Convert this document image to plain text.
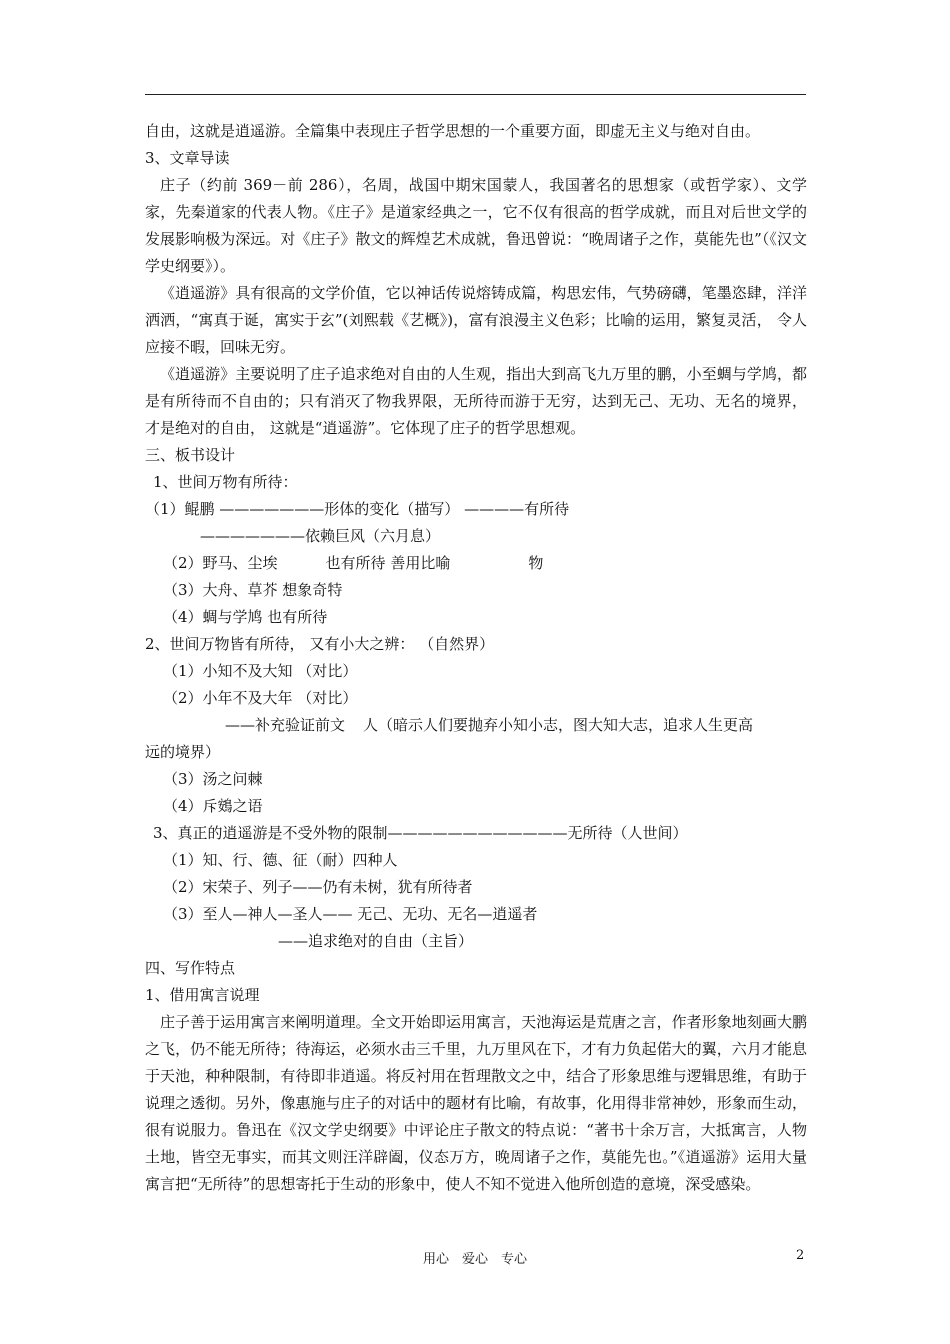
自由，这就是逍遥游。全篇集中表现庄子哲学思想的一个重要方面，即虚无主义与绝对自由。
3、文章导读
庄子（约前 369－前 286），名周，战国中期宋国蒙人，我国著名的思想家（或哲学家）、文学家，先秦道家的代表人物。《庄子》是道家经典之一，它不仅有很高的哲学成就，而且对后世文学的发展影响极为深远。对《庄子》散文的辉煌艺术成就，鲁迅曾说：“晚周诸子之作，莫能先也”（《汉文学史纲要》）。
《逍遥游》具有很高的文学价值，它以神话传说熔铸成篇，构思宏伟，气势磅礴，笔墨恣肆，洋洋洒洒，“寓真于诞，寓实于玄”(刘熙载《艺概》)，富有浪漫主义色彩；比喻的运用，繁复灵活， 令人应接不暇，回味无穷。
《逍遥游》主要说明了庄子追求绝对自由的人生观，指出大到高飞九万里的鹏，小至蜩与学鸠，都是有所待而不自由的；只有消灭了物我界限，无所待而游于无穷，达到无己、无功、无名的境界， 才是绝对的自由， 这就是“逍遥游”。它体现了庄子的哲学思想观。
三、板书设计
1、世间万物有所待：
（1）鲲鹏 ———————形体的变化（描写） ————有所待
———————依赖巨风（六月息）
（2）野马、尘埃	也有所待 善用比喻	物
（3）大舟、草芥 想象奇特
（4）蜩与学鸠 也有所待
2、世间万物皆有所待， 又有小大之辨： （自然界）
（1）小知不及大知 （对比）
（2）小年不及大年 （对比）
——补充验证前文 人（暗示人们要抛弃小知小志，图大知大志，追求人生更高
远的境界）
（3）汤之问棘
（4）斥鴳之语
3、真正的逍遥游是不受外物的限制————————————无所待（人世间）
（1）知、行、德、征（耐）四种人
（2）宋荣子、列子——仍有未树，犹有所待者
（3）至人—神人—圣人—— 无己、无功、无名—逍遥者
——追求绝对的自由（主旨）
四、写作特点
1、借用寓言说理
庄子善于运用寓言来阐明道理。全文开始即运用寓言，天池海运是荒唐之言，作者形象地刻画大鹏之飞，仍不能无所待；待海运，必须水击三千里，九万里风在下，才有力负起偌大的翼，六月才能息于天池，种种限制，有待即非逍遥。将反衬用在哲理散文之中，结合了形象思维与逻辑思维，有助于说理之透彻。另外，像惠施与庄子的对话中的题材有比喻，有故事，化用得非常神妙，形象而生动，很有说服力。鲁迅在《汉文学史纲要》中评论庄子散文的特点说：“著书十余万言，大抵寓言，人物土地，皆空无事实，而其文则汪洋辟阖，仪态万方，晚周诸子之作，莫能先也。”《逍遥游》运用大量寓言把“无所待”的思想寄托于生动的形象中，使人不知不觉进入他所创造的意境，深受感染。
用心　爱心　专心	2
